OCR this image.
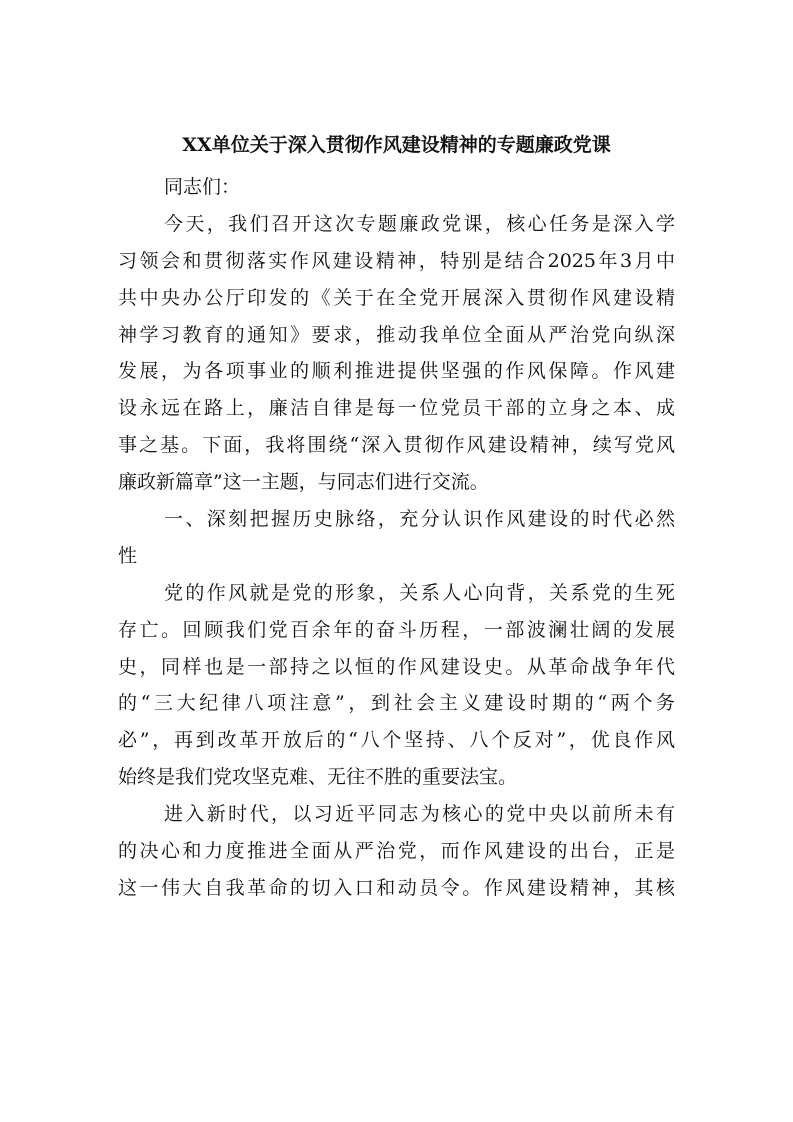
XX单位关于深入贯彻作风建设精神的专题廉政党课
同志们：
今天，我们召开这次专题廉政党课，核心任务是深入学
习领会和贯彻落实作风建设精神，特别是结合2025年3月中
共中央办公厅印发的《关于在全党开展深入贯彻作风建设精
神学习教育的通知》要求，推动我单位全面从严治党向纵深
发展，为各项事业的顺利推进提供坚强的作风保障。作风建
设永远在路上，廉洁自律是每一位党员干部的立身之本、成
事之基。下面，我将围绕“深入贯彻作风建设精神，续写党风
廉政新篇章”这一主题，与同志们进行交流。
一、深刻把握历史脉络，充分认识作风建设的时代必然
性
党的作风就是党的形象，关系人心向背，关系党的生死
存亡。回顾我们党百余年的奋斗历程，一部波澜壮阔的发展
史，同样也是一部持之以恒的作风建设史。从革命战争年代
的“三大纪律八项注意”，到社会主义建设时期的“两个务
必”，再到改革开放后的“八个坚持、八个反对”，优良作风
始终是我们党攻坚克难、无往不胜的重要法宝。
进入新时代，以习近平同志为核心的党中央以前所未有
的决心和力度推进全面从严治党，而作风建设的出台，正是
这一伟大自我革命的切入口和动员令。作风建设精神，其核
